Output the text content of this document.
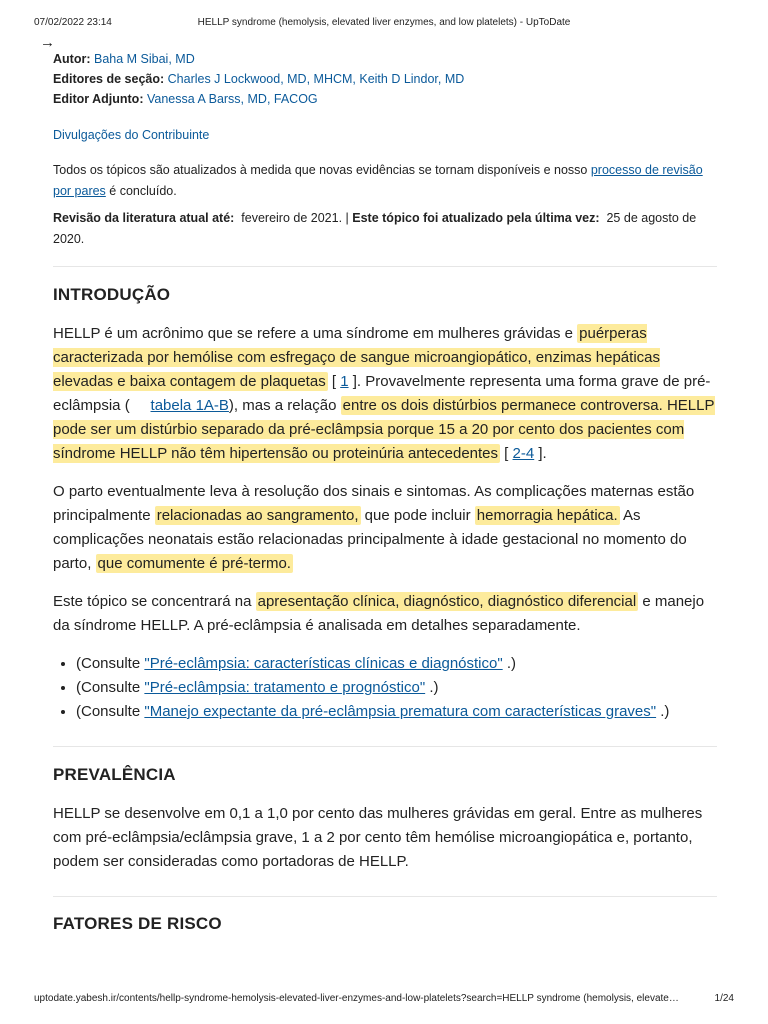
07/02/2022 23:14	HELLP syndrome (hemolysis, elevated liver enzymes, and low platelets) - UpToDate
→
Autor: Baha M Sibai, MD
Editores de seção: Charles J Lockwood, MD, MHCM, Keith D Lindor, MD
Editor Adjunto: Vanessa A Barss, MD, FACOG
Divulgações do Contribuinte
Todos os tópicos são atualizados à medida que novas evidências se tornam disponíveis e nosso processo de revisão por pares é concluído.
Revisão da literatura atual até: fevereiro de 2021. | Este tópico foi atualizado pela última vez: 25 de agosto de 2020.
INTRODUÇÃO

HELLP é um acrônimo que se refere a uma síndrome em mulheres grávidas e puérperas caracterizada por hemólise com esfregaço de sangue microangiopático, enzimas hepáticas elevadas e baixa contagem de plaquetas [ 1 ]. Provavelmente representa uma forma grave de pré-eclâmpsia (     tabela 1A-B), mas a relação entre os dois distúrbios permanece controversa. HELLP pode ser um distúrbio separado da pré-eclâmpsia porque 15 a 20 por cento dos pacientes com síndrome HELLP não têm hipertensão ou proteinúria antecedentes [ 2-4 ].

O parto eventualmente leva à resolução dos sinais e sintomas. As complicações maternas estão principalmente relacionadas ao sangramento, que pode incluir hemorragia hepática. As complicações neonatais estão relacionadas principalmente à idade gestacional no momento do parto, que comumente é pré-termo.

Este tópico se concentrará na apresentação clínica, diagnóstico, diagnóstico diferencial e manejo da síndrome HELLP. A pré-eclâmpsia é analisada em detalhes separadamente.

• (Consulte "Pré-eclâmpsia: características clínicas e diagnóstico" .)
• (Consulte "Pré-eclâmpsia: tratamento e prognóstico" .)
• (Consulte "Manejo expectante da pré-eclâmpsia prematura com características graves" .)
PREVALÊNCIA

HELLP se desenvolve em 0,1 a 1,0 por cento das mulheres grávidas em geral. Entre as mulheres com pré-eclâmpsia/eclâmpsia grave, 1 a 2 por cento têm hemólise microangiopática e, portanto, podem ser consideradas como portadoras de HELLP.

FATORES DE RISCO
uptodate.yabesh.ir/contents/hellp-syndrome-hemolysis-elevated-liver-enzymes-and-low-platelets?search=HELLP syndrome (hemolysis, elevate…	1/24
